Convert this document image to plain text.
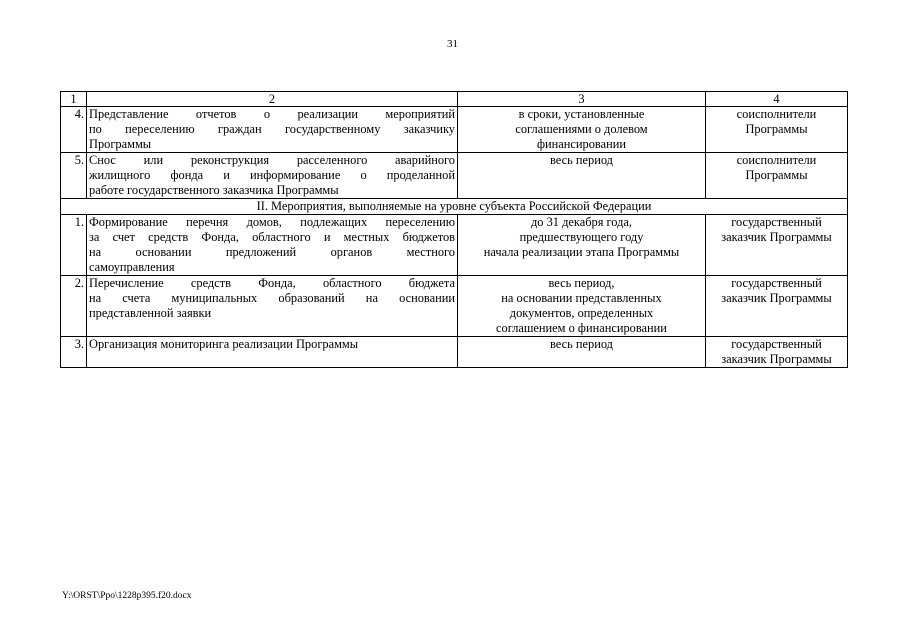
31
1	2	3	4
4.	Представление отчетов о реализации мероприятий
по переселению граждан государственному заказчику
Программы	в сроки, установленные
соглашениями о долевом
финансировании	соисполнители
Программы

5.	Снос или реконструкция расселенного аварийного
жилищного фонда и информирование о проделанной
работе государственного заказчика Программы	весь период	соисполнители
Программы

II. Мероприятия, выполняемые на уровне субъекта Российской Федерации			
1.	Формирование перечня домов, подлежащих переселению
за счет средств Фонда, областного и местных бюджетов
на основании предложений органов местного
самоуправления	до 31 декабря года,
предшествующего году
начала реализации этапа Программы	государственный
заказчик Программы

2.	Перечисление средств Фонда, областного бюджета
на счета муниципальных образований на основании
представленной заявки	весь период,
на основании представленных
документов, определенных
соглашением о финансировании	государственный
заказчик Программы

3.	Организация мониторинга реализации Программы	весь период	государственный
заказчик Программы
Y:\ORST\Ppo\1228p395.f20.docx
